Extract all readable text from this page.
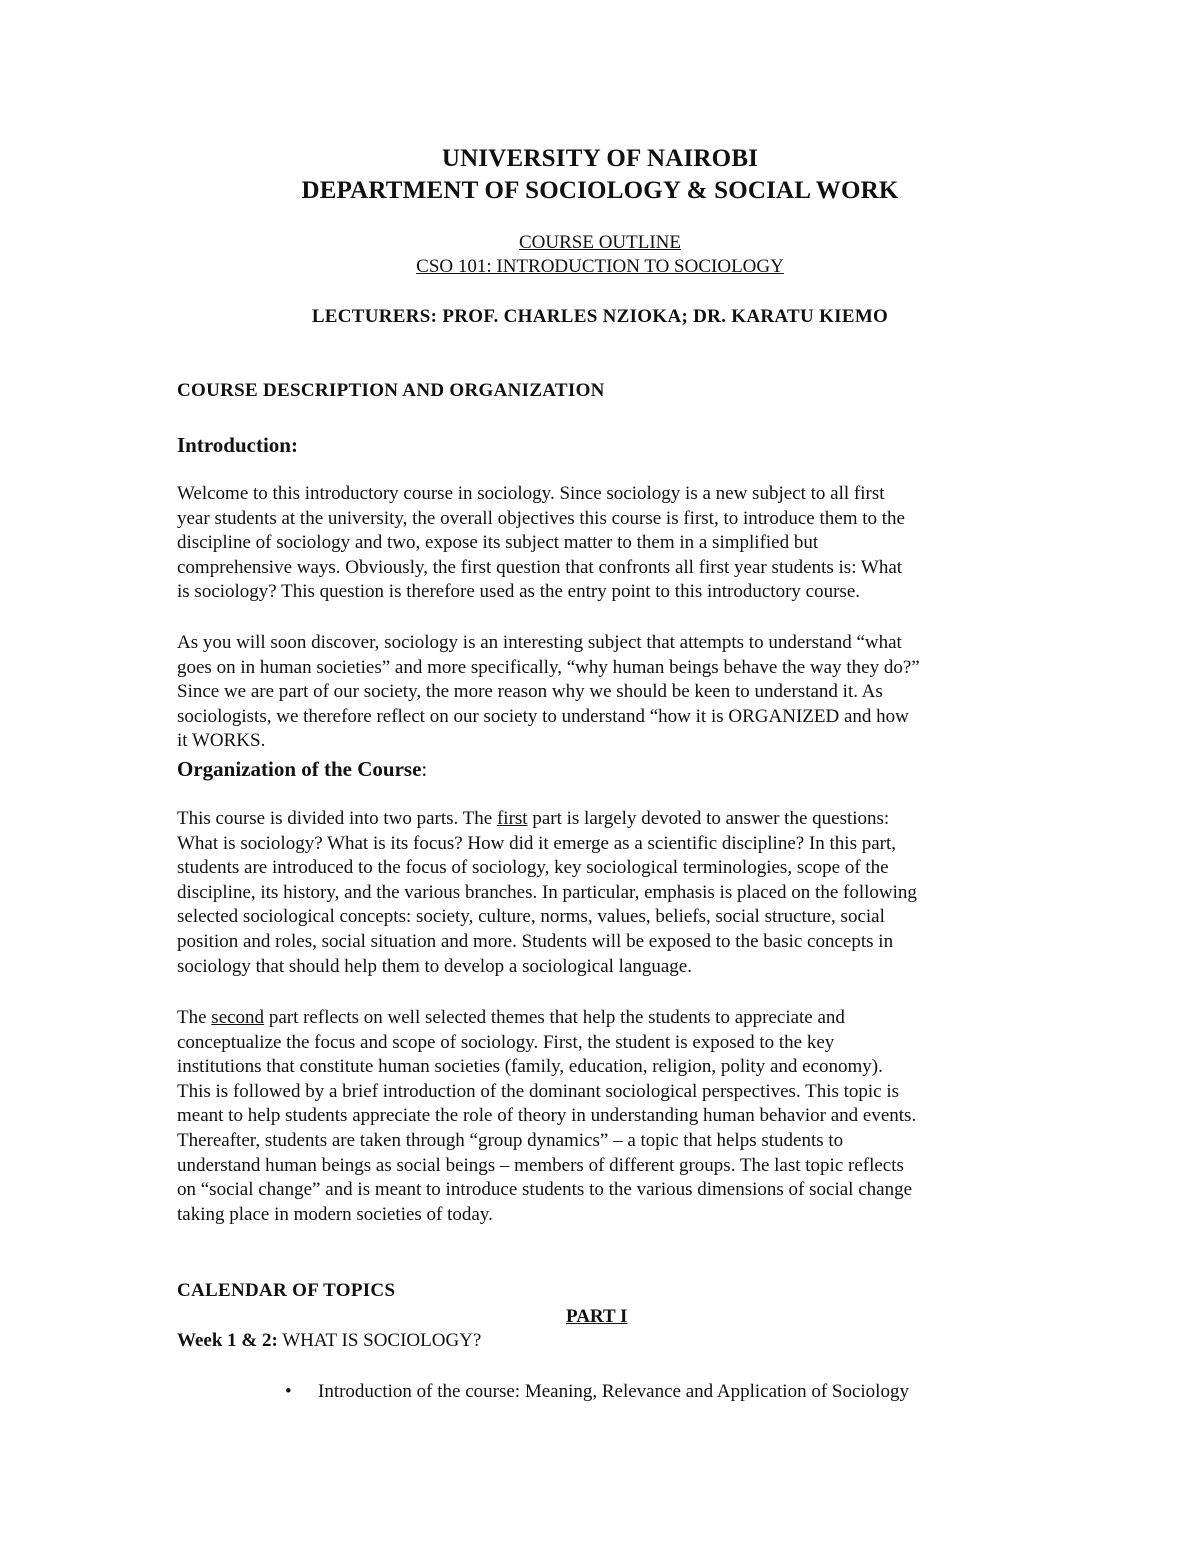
UNIVERSITY OF NAIROBI
DEPARTMENT OF SOCIOLOGY & SOCIAL WORK
COURSE OUTLINE
CSO 101: INTRODUCTION TO SOCIOLOGY
LECTURERS: PROF. CHARLES NZIOKA; DR. KARATU KIEMO
COURSE DESCRIPTION AND ORGANIZATION
Introduction:
Welcome to this introductory course in sociology. Since sociology is a new subject to all first
year students at the university, the overall objectives this course is first, to introduce them to the
discipline of sociology and two, expose its subject matter to them in a simplified but
comprehensive ways. Obviously, the first question that confronts all first year students is: What
is sociology? This question is therefore used as the entry point to this introductory course.
As you will soon discover, sociology is an interesting subject that attempts to understand “what
goes on in human societies” and more specifically, “why human beings behave the way they do?”
Since we are part of our society, the more reason why we should be keen to understand it. As
sociologists, we therefore reflect on our society to understand “how it is ORGANIZED and how
it WORKS.
Organization of the Course:
This course is divided into two parts. The first part is largely devoted to answer the questions:
What is sociology? What is its focus? How did it emerge as a scientific discipline? In this part,
students are introduced to the focus of sociology, key sociological terminologies, scope of the
discipline, its history, and the various branches. In particular, emphasis is placed on the following
selected sociological concepts: society, culture, norms, values, beliefs, social structure, social
position and roles, social situation and more. Students will be exposed to the basic concepts in
sociology that should help them to develop a sociological language.
The second part reflects on well selected themes that help the students to appreciate and
conceptualize the focus and scope of sociology. First, the student is exposed to the key
institutions that constitute human societies (family, education, religion, polity and economy).
This is followed by a brief introduction of the dominant sociological perspectives. This topic is
meant to help students appreciate the role of theory in understanding human behavior and events.
Thereafter, students are taken through “group dynamics” – a topic that helps students to
understand human beings as social beings – members of different groups. The last topic reflects
on “social change” and is meant to introduce students to the various dimensions of social change
taking place in modern societies of today.
CALENDAR OF TOPICS
PART I
Week 1 & 2: WHAT IS SOCIOLOGY?
• Introduction of the course: Meaning, Relevance and Application of Sociology
